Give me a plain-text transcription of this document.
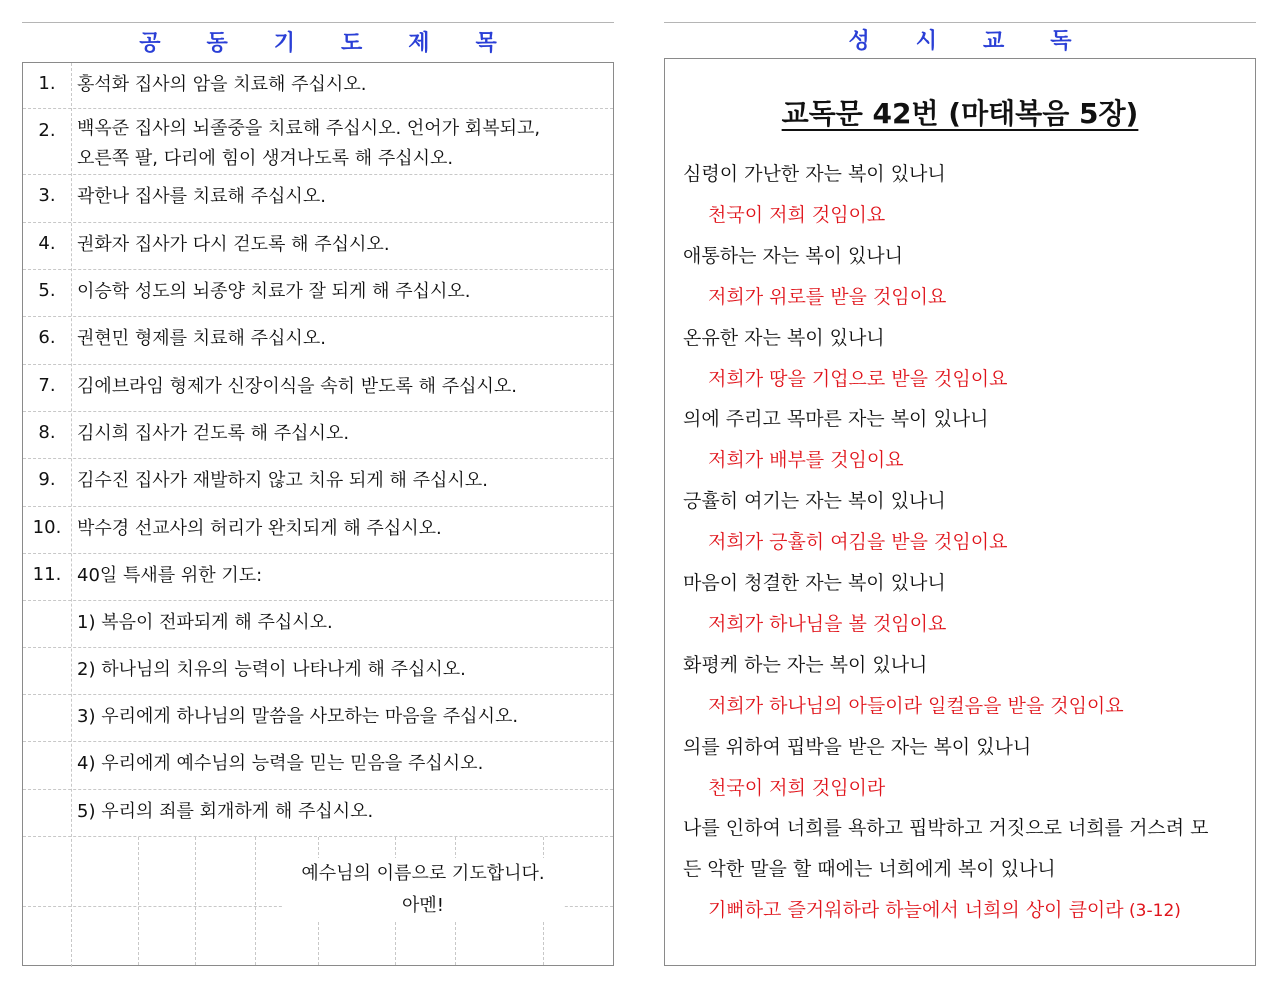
공 동 기 도 제 목
1.	홍석화 집사의 암을 치료해 주십시오.
2.	백옥준 집사의 뇌졸중을 치료해 주십시오. 언어가 회복되고,
오른쪽 팔, 다리에 힘이 생겨나도록 해 주십시오.
3.	곽한나 집사를 치료해 주십시오.
4.	권화자 집사가 다시 걷도록 해 주십시오.
5.	이승학 성도의 뇌종양 치료가 잘 되게 해 주십시오.
6.	권현민 형제를 치료해 주십시오.
7.	김에브라임 형제가 신장이식을 속히 받도록 해 주십시오.
8.	김시희 집사가 걷도록 해 주십시오.
9.	김수진 집사가 재발하지 않고 치유 되게 해 주십시오.
10. 박수경 선교사의 허리가 완치되게 해 주십시오.
11. 40일 특새를 위한 기도:
1) 복음이 전파되게 해 주십시오.
2) 하나님의 치유의 능력이 나타나게 해 주십시오.
3) 우리에게 하나님의 말씀을 사모하는 마음을 주십시오.
4) 우리에게 예수님의 능력을 믿는 믿음을 주십시오.
5) 우리의 죄를 회개하게 해 주십시오.
예수님의 이름으로 기도합니다.
아멘!
성 시 교 독
교독문 42번 (마태복음 5장)
심령이 가난한 자는 복이 있나니
천국이 저희 것임이요
애통하는 자는 복이 있나니
저희가 위로를 받을 것임이요
온유한 자는 복이 있나니
저희가 땅을 기업으로 받을 것임이요
의에 주리고 목마른 자는 복이 있나니
저희가 배부를 것임이요
긍휼히 여기는 자는 복이 있나니
저희가 긍휼히 여김을 받을 것임이요
마음이 청결한 자는 복이 있나니
저희가 하나님을 볼 것임이요
화평케 하는 자는 복이 있나니
저희가 하나님의 아들이라 일컬음을 받을 것임이요
의를 위하여 핍박을 받은 자는 복이 있나니
천국이 저희 것임이라
나를 인하여 너희를 욕하고 핍박하고 거짓으로 너희를 거스려 모
든 악한 말을 할 때에는 너희에게 복이 있나니
기뻐하고 즐거워하라 하늘에서 너희의 상이 큼이라 (3-12)
